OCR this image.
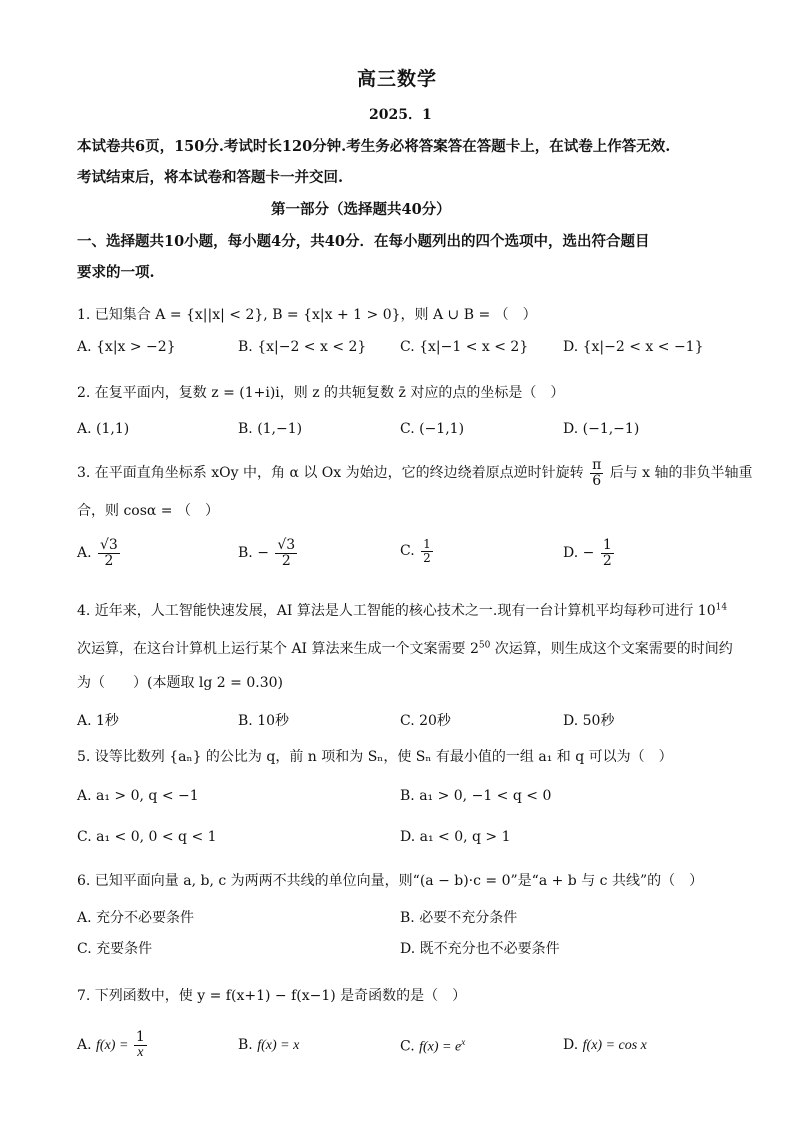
高三数学
2025．1
本试卷共6页，150分.考试时长120分钟.考生务必将答案答在答题卡上，在试卷上作答无效.
考试结束后，将本试卷和答题卡一并交回.
第一部分（选择题共40分）
一、选择题共10小题，每小题4分，共40分．在每小题列出的四个选项中，选出符合题目
要求的一项.
1. 已知集合 A = {x||x| < 2}, B = {x|x + 1 > 0}，则 A ∪ B = （　）
A. {x|x > −2}	B. {x|−2 < x < 2} C. {x|−1 < x < 2} D. {x|−2 < x < −1}
2. 在复平面内，复数 z = (1+i)i，则 z 的共轭复数 z̄ 对应的点的坐标是（　）
A. (1,1)	B. (1,−1)	C. (−1,1)	D. (−1,−1)
3. 在平面直角坐标系 xOy 中，角 α 以 Ox 为始边，它的终边绕着原点逆时针旋转 $\frac{\pi}{6}$ 后与 x 轴的非负半轴重
合，则 cosα = （　）
A. $\frac{√3}{2}$	B. − $\frac{√3}{2}$	C. $\frac{1}{2}$	D. − $\frac{1}{2}$
4. 近年来，人工智能快速发展，AI 算法是人工智能的核心技术之一.现有一台计算机平均每秒可进行 $10^{14}$
次运算，在这台计算机上运行某个 AI 算法来生成一个文案需要 $2^{50}$ 次运算，则生成这个文案需要的时间约
为（　　）(本题取 lg 2 = 0.30)
A. 1秒	B. 10秒	C. 20秒	D. 50秒
5. 设等比数列 {aₙ} 的公比为 q，前 n 项和为 Sₙ，使 Sₙ 有最小值的一组 a₁ 和 q 可以为（　）
A. a₁ > 0, q < −1	B. a₁ > 0, −1 < q < 0
C. a₁ < 0, 0 < q < 1	D. a₁ < 0, q > 1
6. 已知平面向量 a, b, c 为两两不共线的单位向量，则“(a − b)·c = 0”是“a + b 与 c 共线”的（　）
A. 充分不必要条件	B. 必要不充分条件
C. 充要条件	D. 既不充分也不必要条件
7. 下列函数中，使 y = f(x+1) − f(x−1) 是奇函数的是（　）
A. $f(x) = \frac{1}{x}$	B. f(x) = x	C. $f(x) = e^x$	D. f(x) = cos x
